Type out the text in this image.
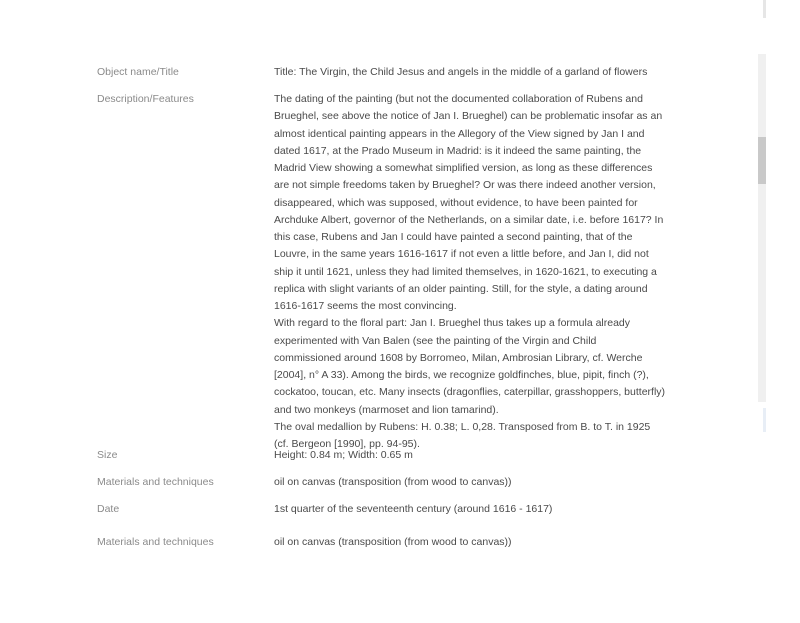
Object name/Title	Title: The Virgin, the Child Jesus and angels in the middle of a garland of flowers
Description/Features	The dating of the painting (but not the documented collaboration of Rubens and Brueghel, see above the notice of Jan I. Brueghel) can be problematic insofar as an almost identical painting appears in the Allegory of the View signed by Jan I and dated 1617, at the Prado Museum in Madrid: is it indeed the same painting, the Madrid View showing a somewhat simplified version, as long as these differences are not simple freedoms taken by Brueghel? Or was there indeed another version, disappeared, which was supposed, without evidence, to have been painted for Archduke Albert, governor of the Netherlands, on a similar date, i.e. before 1617? In this case, Rubens and Jan I could have painted a second painting, that of the Louvre, in the same years 1616-1617 if not even a little before, and Jan I, did not ship it until 1621, unless they had limited themselves, in 1620-1621, to executing a replica with slight variants of an older painting. Still, for the style, a dating around 1616-1617 seems the most convincing.

With regard to the floral part: Jan I. Brueghel thus takes up a formula already experimented with Van Balen (see the painting of the Virgin and Child commissioned around 1608 by Borromeo, Milan, Ambrosian Library, cf. Werche [2004], n° A 33). Among the birds, we recognize goldfinches, blue, pipit, finch (?), cockatoo, toucan, etc. Many insects (dragonflies, caterpillar, grasshoppers, butterfly) and two monkeys (marmoset and lion tamarind).

The oval medallion by Rubens: H. 0.38; L. 0,28. Transposed from B. to T. in 1925 (cf. Bergeon [1990], pp. 94-95).

Size	Height: 0.84 m; Width: 0.65 m
Materials and techniques	oil on canvas (transposition (from wood to canvas))
Date	1st quarter of the seventeenth century (around 1616 - 1617)
Materials and techniques	oil on canvas (transposition (from wood to canvas))
